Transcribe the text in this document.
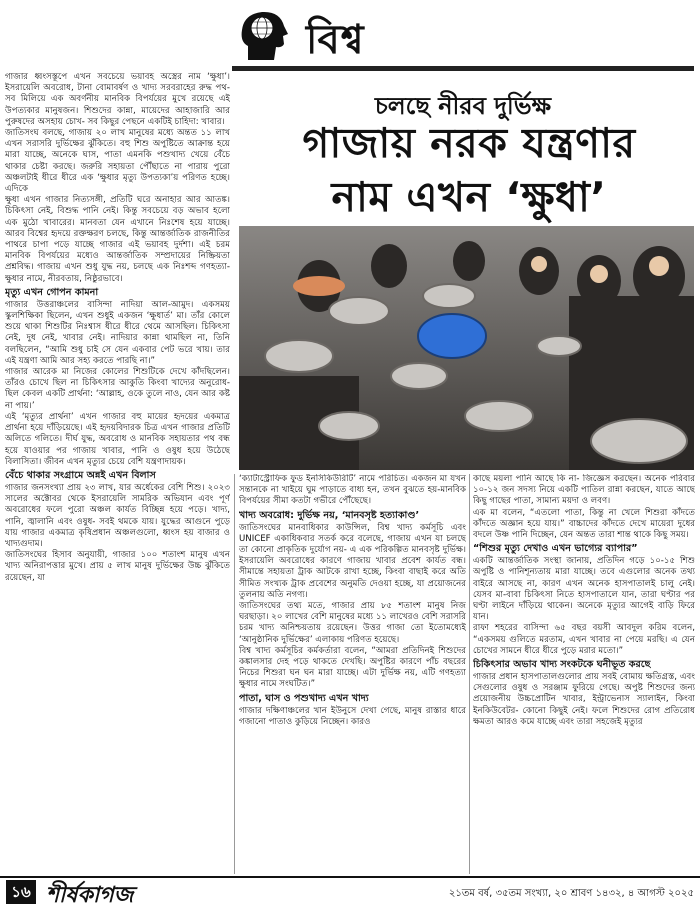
বিশ্ব
চলছে নীরব দুর্ভিক্ষ
গাজায় নরক যন্ত্রণার
নাম এখন ‘ক্ষুধা’

গাজার ধ্বংসস্তূপে এখন সবচেয়ে ভয়াবহ অস্ত্রের নাম ‘ক্ষুধা’। ইসরায়েলি অবরোধ, টানা বোমাবর্ষণ ও খাদ্য সরবরাহের রুদ্ধ পথ-সব মিলিয়ে এক অবর্ণনীয় মানবিক বিপর্যয়ের মুখে রয়েছে এই উপত্যকার মানুষজন। শিশুদের কান্না, মায়েদের আহাজারি আর পুরুষদের অসহায় চোখ- সব কিছুর পেছনে একটিই চাহিদা: খাবার।

জাতিসংঘ বলছে, গাজায় ২০ লাখ মানুষের মধ্যে অন্তত ১১ লাখ এখন সরাসরি দুর্ভিক্ষের ঝুঁকিতে। বহু শিশু অপুষ্টিতে আক্রান্ত হয়ে মারা যাচ্ছে, অনেকে ঘাস, পাতা এমনকি পশুখাদ্য খেয়ে বেঁচে থাকার চেষ্টা করছে। জরুরি সহায়তা পৌঁছাতে না পারায় পুরো অঞ্চলটাই ধীরে ধীরে এক ‘ক্ষুধার মৃত্যু উপত্যকা’য় পরিণত হচ্ছে। এদিকে

ক্ষুধা এখন গাজার নিত্যসঙ্গী, প্রতিটি ঘরে অনাহার আর আতঙ্ক। চিকিৎসা নেই, বিশুদ্ধ পানি নেই। কিন্তু সবচেয়ে বড় অভাব হলো এক মুঠো খাবারের। মানবতা যেন এখানে নিঃশেষ হয়ে যাচ্ছে। আরব বিশ্বের হৃদয়ে রক্তক্ষরণ চলছে, কিন্তু আন্তর্জাতিক রাজনীতির পাথরে চাপা পড়ে যাচ্ছে গাজার এই ভয়াবহ দুর্দশা। এই চরম মানবিক বিপর্যয়ের মধ্যেও আন্তর্জাতিক সম্প্রদায়ের নিষ্ক্রিয়তা প্রশ্নবিদ্ধ। গাজায় এখন শুধু যুদ্ধ নয়, চলছে এক নিঃশব্দ গণহত্যা-ক্ষুধার নামে, নীরবতায়, নিষ্ঠুরভাবে।

মৃত্যু এখন গোপন কামনা

গাজার উত্তরাঞ্চলের বাসিন্দা নাদিয়া আল-আমুদ। একসময় স্কুলশিক্ষিকা ছিলেন, এখন শুধুই একজন ‘ক্ষুধার্ত’ মা। তাঁর কোলে শুয়ে থাকা শিশুটির নিঃশ্বাস ধীরে ধীরে থেমে আসছিল। চিকিৎসা নেই, দুধ নেই, খাবার নেই। নাদিয়ার কান্না থামছিল না, তিনি বলছিলেন, “আমি শুধু চাই সে যেন একবার পেট ভরে খায়। তার এই যন্ত্রণা আমি আর সহ্য করতে পারছি না।”

গাজার আরেক মা নিজের কোলের শিশুটিকে দেখে কাঁদছিলেন। তাঁরও চোখে ছিল না চিকিৎসার আকুতি কিংবা খাদ্যের অনুরোধ- ছিল কেবল একটি প্রার্থনা: ‘আল্লাহ, ওকে তুলে নাও, যেন আর কষ্ট না পায়।’

এই ‘মৃত্যুর প্রার্থনা’ এখন গাজার বহু মায়ের হৃদয়ের একমাত্র প্রার্থনা হয়ে দাঁড়িয়েছে। এই হৃদয়বিদারক চিত্র এখন গাজার প্রতিটি অলিতে গলিতে। দীর্ঘ যুদ্ধ, অবরোধ ও মানবিক সহায়তার পথ বন্ধ হয়ে যাওয়ার পর গাজায় খাবার, পানি ও ওষুধ হয়ে উঠেছে বিলাসিতা। জীবন এখন মৃত্যুর চেয়ে বেশি যন্ত্রণাদায়ক।

বেঁচে থাকার সংগ্রামে অন্নই এখন বিলাস

গাজার জনসংখ্যা প্রায় ২৩ লাখ, যার অর্ধেকের বেশি শিশু। ২০২৩ সালের অক্টোবর থেকে ইসরায়েলি সামরিক অভিযান এবং পূর্ণ অবরোধের ফলে পুরো অঞ্চল কার্যত বিচ্ছিন্ন হয়ে পড়ে। খাদ্য, পানি, জ্বালানি এবং ওষুধ- সবই থমকে যায়। যুদ্ধের আগুনে পুড়ে যায় গাজার একমাত্র কৃষিপ্রধান অঞ্চলগুলো, ধ্বংস হয় বাজার ও খাদ্যগুদাম।

জাতিসংঘের হিসাব অনুযায়ী, গাজার ১০০ শতাংশ মানুষ এখন খাদ্য অনিরাপত্তার মুখে। প্রায় ৫ লাখ মানুষ দুর্ভিক্ষের উচ্চ ঝুঁকিতে রয়েছেন, যা

‘ক্যাটাস্ট্রোফিক ফুড ইনসিকিউরিটি’ নামে পরিচিত। একজন মা যখন সন্তানকে না খাইয়ে ঘুম পাড়াতে বাধ্য হন, তখন বুঝতে হয়-মানবিক বিপর্যয়ের সীমা কতটা গভীরে পৌঁছেছে।

খাদ্য অবরোধ: দুর্ভিক্ষ নয়, ‘মানবসৃষ্ট হত্যাকাণ্ড’

জাতিসংঘের মানবাধিকার কাউন্সিল, বিশ্ব খাদ্য কর্মসূচি এবং UNICEF একাধিকবার সতর্ক করে বলেছে, গাজায় এখন যা চলছে তা কোনো প্রাকৃতিক দুর্যোগ নয়- এ এক পরিকল্পিত মানবসৃষ্ট দুর্ভিক্ষ। ইসরায়েলি অবরোধের কারণে গাজায় খাবার প্রবেশ কার্যত বন্ধ। সীমান্তে সহায়তা ট্রাক আটকে রাখা হচ্ছে, কিংবা বাছাই করে অতি সীমিত সংখ্যক ট্রাক প্রবেশের অনুমতি দেওয়া হচ্ছে, যা প্রয়োজনের তুলনায় অতি নগণ্য।

জাতিসংঘের তথ্য মতে, গাজার প্রায় ৮৫ শতাংশ মানুষ নিজ ঘরছাড়া। ২০ লাখের বেশি মানুষের মধ্যে ১১ লাখেরও বেশি সরাসরি চরম খাদ্য অনিশ্চয়তায় রয়েছেন। উত্তর গাজা তো ইতোমধ্যেই ‘আনুষ্ঠানিক দুর্ভিক্ষের’ এলাকায় পরিণত হয়েছে।

বিশ্ব খাদ্য কর্মসূচির কর্মকর্তারা বলেন, “আমরা প্রতিদিনই শিশুদের কঙ্কালসার দেহ পড়ে থাকতে দেখছি। অপুষ্টির কারণে পাঁচ বছরের নিচের শিশুরা ঘন ঘন মারা যাচ্ছে। এটা দুর্ভিক্ষ নয়, এটি গণহত্যা ক্ষুধার নামে সংঘটিত।”

পাতা, ঘাস ও পশুখাদ্য এখন খাদ্য

গাজার দক্ষিণাঞ্চলের খান ইউনুসে দেখা গেছে, মানুষ রাস্তার ধারে গজানো পাতাও কুড়িয়ে নিচ্ছেন। কারও

কাছে ময়লা পানি আছে কি না- জিজ্ঞেস করছেন। অনেক পরিবার ১০-১২ জন সদস্য নিয়ে একটি পাতিল রান্না করছেন, যাতে আছে কিছু গাছের পাতা, সামান্য ময়দা ও লবণ।

এক মা বলেন, “এতলো পাতা, কিন্তু না খেলে শিশুরা কাঁদতে কাঁদতে অজ্ঞান হয়ে যায়।” বাচ্চাদের কাঁদতে দেখে মায়েরা দুধের বদলে উষ্ণ পানি দিচ্ছেন, যেন অন্তত তারা শান্ত থাকে কিছু সময়।

“শিশুর মৃত্যু দেখাও এখন ভাগ্যের ব্যাপার”

একটি আন্তর্জাতিক সংস্থা জানায়, প্রতিদিন গড়ে ১০-১৫ শিশু অপুষ্টি ও পানিশূন্যতায় মারা যাচ্ছে। তবে এগুলোর অনেক তথ্য বাইরে আসছে না, কারণ এখন অনেক হাসপাতালই চালু নেই। যেসব মা-বাবা চিকিৎসা নিতে হাসপাতালে যান, তারা ঘণ্টার পর ঘণ্টা লাইনে দাঁড়িয়ে থাকেন। অনেকে মৃত্যুর আগেই বাড়ি ফিরে যান।

রাফা শহরের বাসিন্দা ৬৫ বছর বয়সী আবদুল করিম বলেন, “একসময় গুলিতে মরতাম, এখন খাবার না পেয়ে মরছি। এ যেন চোখের সামনে ধীরে ধীরে পুড়ে মরার মতো।”

চিকিৎসার অভাব খাদ্য সংকটকে ঘনীভূত করছে

গাজার প্রধান হাসপাতালগুলোর প্রায় সবই বোমায় ক্ষতিগ্রস্ত, এবং সেগুলোর ওষুধ ও সরঞ্জাম ফুরিয়ে গেছে। অপুষ্ট শিশুদের জন্য প্রয়োজনীয় উচ্চপ্রোটিন খাবার, ইন্ট্রাভেনাস স্যালাইন, কিংবা ইনকিউবেটর- কোনো কিছুই নেই। ফলে শিশুদের রোগ প্রতিরোধ ক্ষমতা আরও কমে যাচ্ছে এবং তারা সহজেই মৃত্যুর

১৬ শীর্ষকাগজ	২১তম বর্ষ, ৩৫তম সংখ্যা, ২০ শ্রাবণ ১৪৩২, ৪ আগস্ট ২০২৫
